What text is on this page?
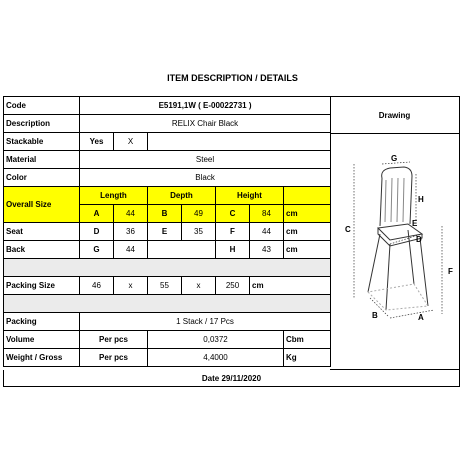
ITEM DESCRIPTION / DETAILS
Code	E5191,1W ( E-00022731 )						
Description	RELIX Chair Black						
Stackable	Yes	X					
Material	Steel						
Color	Black						
Overall Size	Length		Depth		Height		
	A	44	B	49	C	84	cm
Seat	D	36	E	35	F	44	cm
Back	G	44			H	43	cm

Packing Size	46	x	55	x	250	cm	

Packing	1 Stack / 17 Pcs						
Volume	Per pcs		0,0372				Cbm
Weight / Gross	Per pcs		4,4000				Kg
Drawing
C
G
H
E
D
F
B	A
Date 29/11/2020
